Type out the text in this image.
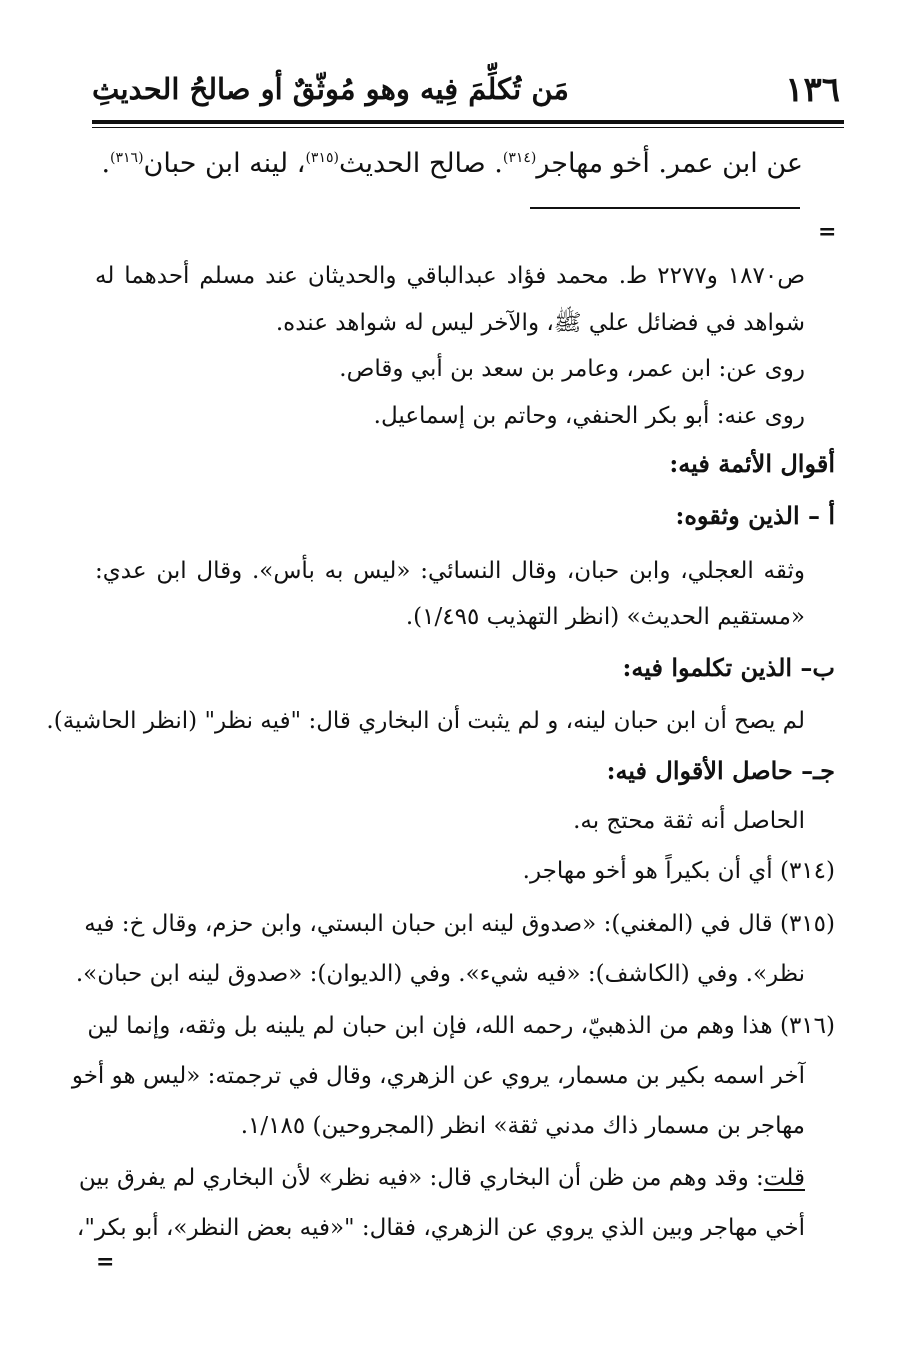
١٣٦
مَن تُكلِّمَ فِيه وهو مُوثّقٌ أو صالحُ الحديثِ
عن ابن عمر. أخو مهاجر$^{(٣١٤)}$. صالح الحديث$^{(٣١٥)}$، لينه ابن حبان$^{(٣١٦)}$.
=
ص١٨٧٠ و٢٢٧٧ ط. محمد فؤاد عبدالباقي والحديثان عند مسلم أحدهما له
شواهد في فضائل علي ﷺ، والآخر ليس له شواهد عنده.
روى عن: ابن عمر، وعامر بن سعد بن أبي وقاص.
روى عنه: أبو بكر الحنفي، وحاتم بن إسماعيل.
أقوال الأئمة فيه:
أ – الذين وثقوه:
وثقه العجلي، وابن حبان، وقال النسائي: «ليس به بأس». وقال ابن عدي:
«مستقيم الحديث» (انظر التهذيب ١/٤٩٥).
ب– الذين تكلموا فيه:
لم يصح أن ابن حبان لينه، و لم يثبت أن البخاري قال: "فيه نظر" (انظر الحاشية).
جـ– حاصل الأقوال فيه:
الحاصل أنه ثقة محتج به.
(٣١٤) أي أن بكيراً هو أخو مهاجر.
(٣١٥) قال في (المغني): «صدوق لينه ابن حبان البستي، وابن حزم، وقال خ: فيه
نظر». وفي (الكاشف): «فيه شيء». وفي (الديوان): «صدوق لينه ابن حبان».
(٣١٦) هذا وهم من الذهبيّ، رحمه الله، فإن ابن حبان لم يلينه بل وثقه، وإنما لين
آخر اسمه بكير بن مسمار، يروي عن الزهري، وقال في ترجمته: «ليس هو أخو
مهاجر بن مسمار ذاك مدني ثقة» انظر (المجروحين) ١/١٨٥.
قلت: وقد وهم من ظن أن البخاري قال: «فيه نظر» لأن البخاري لم يفرق بين
أخي مهاجر وبين الذي يروي عن الزهري، فقال: "«فيه بعض النظر»، أبو بكر"،
=
